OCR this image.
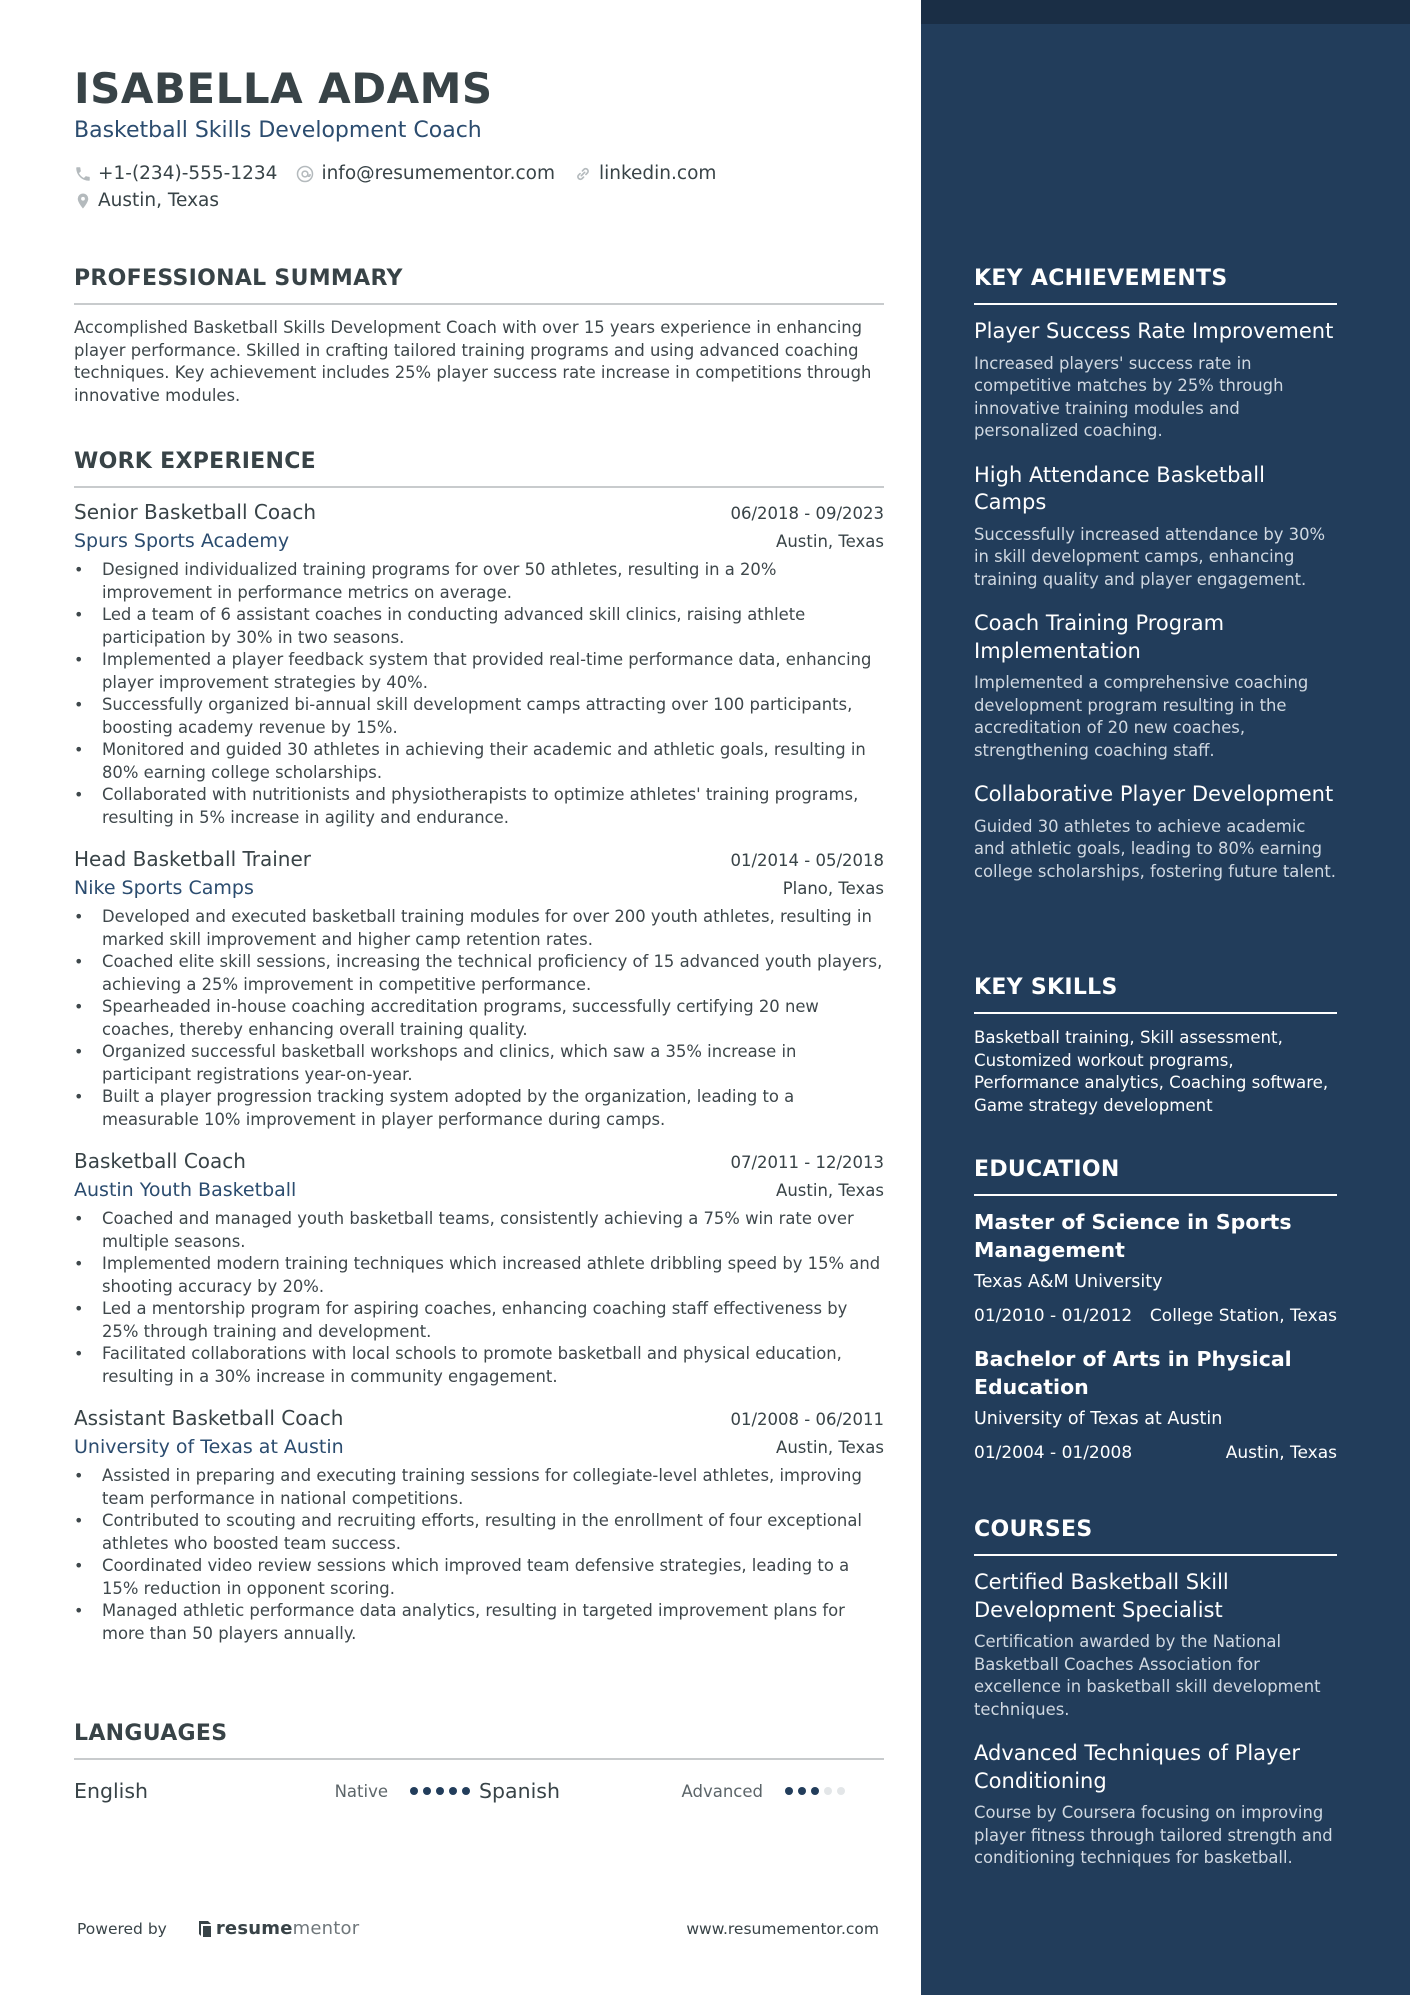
ISABELLA ADAMS
Basketball Skills Development Coach
+1-(234)-555-1234 info@resumementor.com linkedin.com
Austin, Texas
PROFESSIONAL SUMMARY

Accomplished Basketball Skills Development Coach with over 15 years experience in enhancing player performance. Skilled in crafting tailored training programs and using advanced coaching techniques. Key achievement includes 25% player success rate increase in competitions through innovative modules.

WORK EXPERIENCE
Senior Basketball Coach	06/2018 - 09/2023
Spurs Sports Academy	Austin, Texas
• Designed individualized training programs for over 50 athletes, resulting in a 20% improvement in performance metrics on average.
• Led a team of 6 assistant coaches in conducting advanced skill clinics, raising athlete participation by 30% in two seasons.
• Implemented a player feedback system that provided real-time performance data, enhancing player improvement strategies by 40%.
• Successfully organized bi-annual skill development camps attracting over 100 participants, boosting academy revenue by 15%.
• Monitored and guided 30 athletes in achieving their academic and athletic goals, resulting in 80% earning college scholarships.
• Collaborated with nutritionists and physiotherapists to optimize athletes' training programs, resulting in 5% increase in agility and endurance.
Head Basketball Trainer	01/2014 - 05/2018
Nike Sports Camps	Plano, Texas
• Developed and executed basketball training modules for over 200 youth athletes, resulting in marked skill improvement and higher camp retention rates.
• Coached elite skill sessions, increasing the technical proficiency of 15 advanced youth players, achieving a 25% improvement in competitive performance.
• Spearheaded in-house coaching accreditation programs, successfully certifying 20 new coaches, thereby enhancing overall training quality.
• Organized successful basketball workshops and clinics, which saw a 35% increase in participant registrations year-on-year.
• Built a player progression tracking system adopted by the organization, leading to a measurable 10% improvement in player performance during camps.
Basketball Coach	07/2011 - 12/2013
Austin Youth Basketball	Austin, Texas
• Coached and managed youth basketball teams, consistently achieving a 75% win rate over multiple seasons.
• Implemented modern training techniques which increased athlete dribbling speed by 15% and shooting accuracy by 20%.
• Led a mentorship program for aspiring coaches, enhancing coaching staff effectiveness by 25% through training and development.
• Facilitated collaborations with local schools to promote basketball and physical education, resulting in a 30% increase in community engagement.
Assistant Basketball Coach	01/2008 - 06/2011
University of Texas at Austin	Austin, Texas
• Assisted in preparing and executing training sessions for collegiate-level athletes, improving team performance in national competitions.
• Contributed to scouting and recruiting efforts, resulting in the enrollment of four exceptional athletes who boosted team success.
• Coordinated video review sessions which improved team defensive strategies, leading to a 15% reduction in opponent scoring.
• Managed athletic performance data analytics, resulting in targeted improvement plans for more than 50 players annually.
LANGUAGES
English	Native	Spanish	Advanced
Powered by	resume mentor	www.resumementor.com
KEY ACHIEVEMENTS
Player Success Rate Improvement
Increased players' success rate in competitive matches by 25% through innovative training modules and personalized coaching.
High Attendance Basketball Camps
Successfully increased attendance by 30% in skill development camps, enhancing training quality and player engagement.
Coach Training Program Implementation
Implemented a comprehensive coaching development program resulting in the accreditation of 20 new coaches, strengthening coaching staff.
Collaborative Player Development
Guided 30 athletes to achieve academic and athletic goals, leading to 80% earning college scholarships, fostering future talent.
KEY SKILLS
Basketball training, Skill assessment, Customized workout programs, Performance analytics, Coaching software, Game strategy development
EDUCATION
Master of Science in Sports Management
Texas A&M University
01/2010 - 01/2012 College Station, Texas
Bachelor of Arts in Physical Education
University of Texas at Austin
01/2004 - 01/2008	Austin, Texas
COURSES
Certified Basketball Skill Development Specialist
Certification awarded by the National Basketball Coaches Association for excellence in basketball skill development techniques.
Advanced Techniques of Player Conditioning
Course by Coursera focusing on improving player fitness through tailored strength and conditioning techniques for basketball.
